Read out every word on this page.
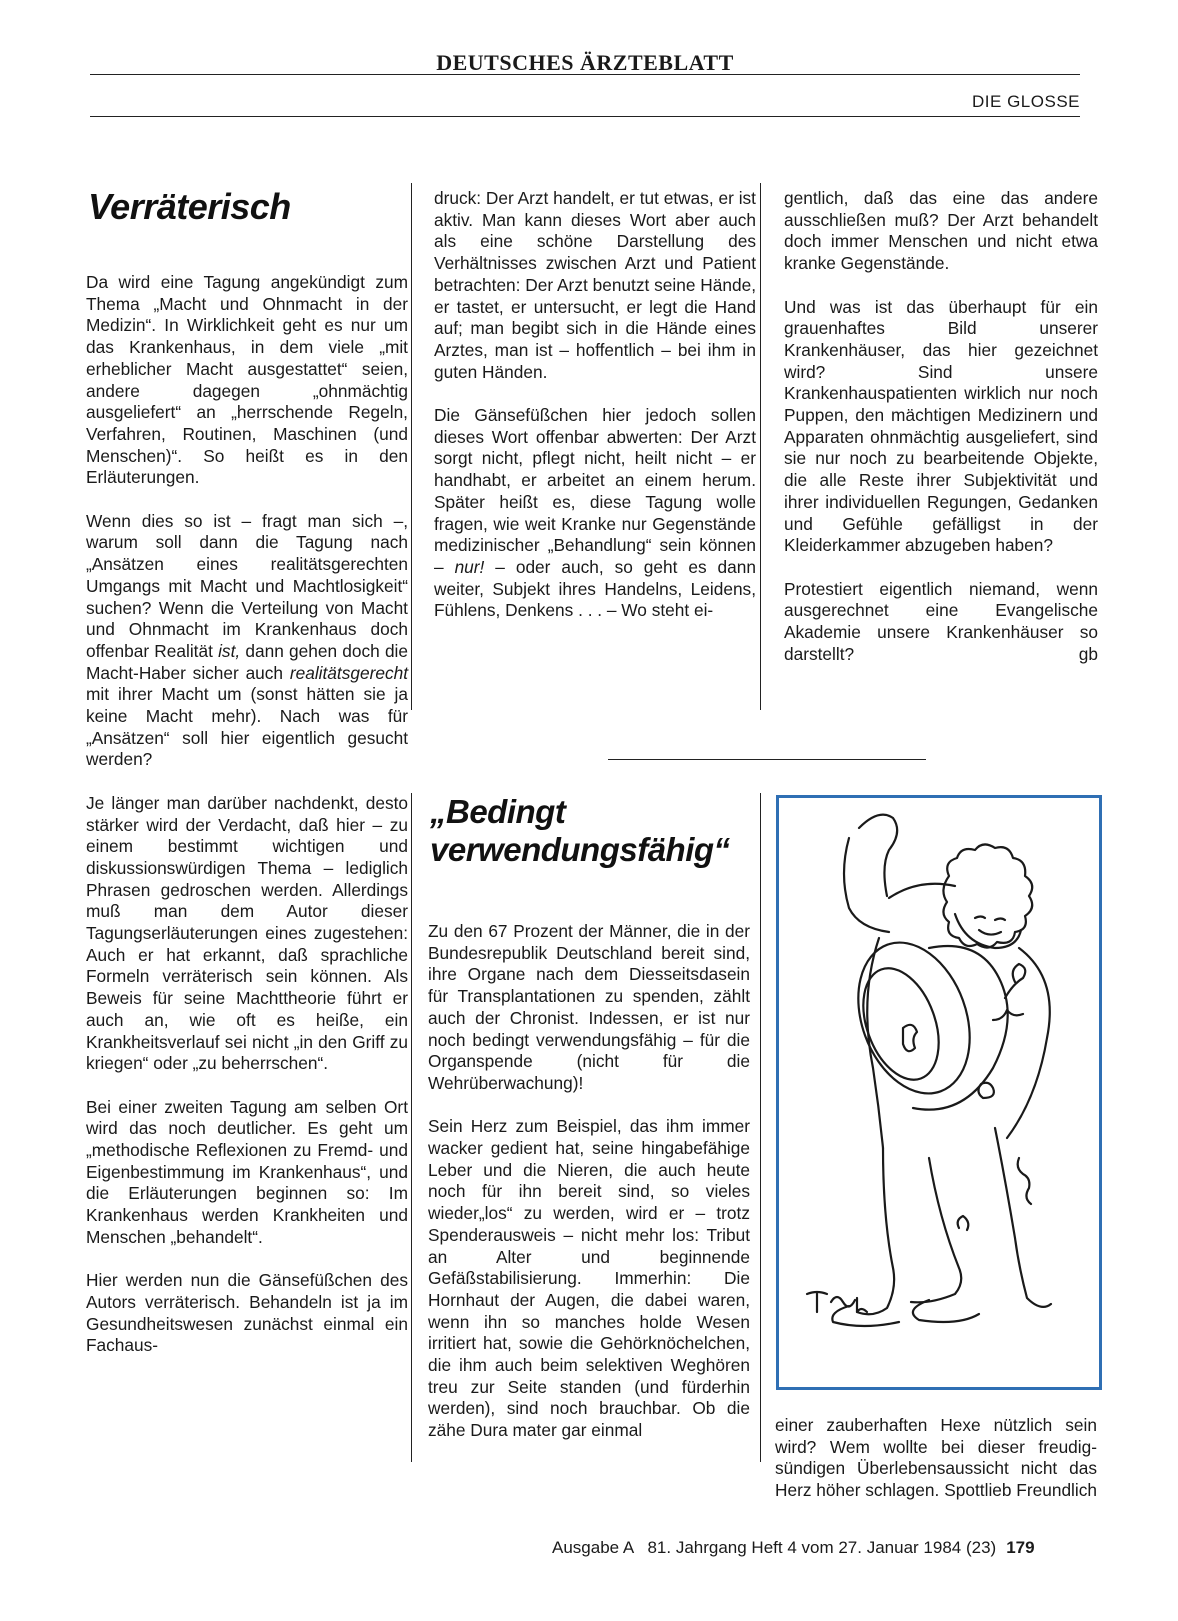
DEUTSCHES ÄRZTEBLATT
DIE GLOSSE
Verräterisch

Da wird eine Tagung angekündigt zum Thema „Macht und Ohnmacht in der Medizin“. In Wirklichkeit geht es nur um das Krankenhaus, in dem viele „mit erheblicher Macht ausgestattet“ seien, andere dagegen „ohnmächtig ausgeliefert“ an „herrschende Regeln, Verfahren, Routinen, Maschinen (und Menschen)“. So heißt es in den Erläuterungen.

Wenn dies so ist – fragt man sich –, warum soll dann die Tagung nach „Ansätzen eines realitätsgerechten Umgangs mit Macht und Machtlosigkeit“ suchen? Wenn die Verteilung von Macht und Ohnmacht im Krankenhaus doch offenbar Realität ist, dann gehen doch die Macht-Haber sicher auch realitätsgerecht mit ihrer Macht um (sonst hätten sie ja keine Macht mehr). Nach was für „Ansätzen“ soll hier eigentlich gesucht werden?

Je länger man darüber nachdenkt, desto stärker wird der Verdacht, daß hier – zu einem bestimmt wichtigen und diskussionswürdigen Thema – lediglich Phrasen gedroschen werden. Allerdings muß man dem Autor dieser Tagungserläuterungen eines zugestehen: Auch er hat erkannt, daß sprachliche Formeln verräterisch sein können. Als Beweis für seine Machttheorie führt er auch an, wie oft es heiße, ein Krankheitsverlauf sei nicht „in den Griff zu kriegen“ oder „zu beherrschen“.

Bei einer zweiten Tagung am selben Ort wird das noch deutlicher. Es geht um „methodische Reflexionen zu Fremd- und Eigenbestimmung im Krankenhaus“, und die Erläuterungen beginnen so: Im Krankenhaus werden Krankheiten und Menschen „behandelt“.

Hier werden nun die Gänsefüßchen des Autors verräterisch. Behandeln ist ja im Gesundheitswesen zunächst einmal ein Fachaus-

druck: Der Arzt handelt, er tut etwas, er ist aktiv. Man kann dieses Wort aber auch als eine schöne Darstellung des Verhältnisses zwischen Arzt und Patient betrachten: Der Arzt benutzt seine Hände, er tastet, er untersucht, er legt die Hand auf; man begibt sich in die Hände eines Arztes, man ist – hoffentlich – bei ihm in guten Händen.

Die Gänsefüßchen hier jedoch sollen dieses Wort offenbar abwerten: Der Arzt sorgt nicht, pflegt nicht, heilt nicht – er handhabt, er arbeitet an einem herum. Später heißt es, diese Tagung wolle fragen, wie weit Kranke nur Gegenstände medizinischer „Behandlung“ sein können – nur! – oder auch, so geht es dann weiter, Subjekt ihres Handelns, Leidens, Fühlens, Denkens . . . – Wo steht ei-

gentlich, daß das eine das andere ausschließen muß? Der Arzt behandelt doch immer Menschen und nicht etwa kranke Gegenstände.

Und was ist das überhaupt für ein grauenhaftes Bild unserer Krankenhäuser, das hier gezeichnet wird? Sind unsere Krankenhauspatienten wirklich nur noch Puppen, den mächtigen Medizinern und Apparaten ohnmächtig ausgeliefert, sind sie nur noch zu bearbeitende Objekte, die alle Reste ihrer Subjektivität und ihrer individuellen Regungen, Gedanken und Gefühle gefälligst in der Kleiderkammer abzugeben haben?

Protestiert eigentlich niemand, wenn ausgerechnet eine Evangelische Akademie unsere Krankenhäuser so darstellt?	gb

„Bedingt
verwendungsfähig“

Zu den 67 Prozent der Männer, die in der Bundesrepublik Deutschland bereit sind, ihre Organe nach dem Diesseitsdasein für Transplantationen zu spenden, zählt auch der Chronist. Indessen, er ist nur noch bedingt verwendungsfähig – für die Organspende (nicht für die Wehrüberwachung)!

Sein Herz zum Beispiel, das ihm immer wacker gedient hat, seine hingabefähige Leber und die Nieren, die auch heute noch für ihn bereit sind, so vieles wieder„los“ zu werden, wird er – trotz Spenderausweis – nicht mehr los: Tribut an Alter und beginnende Gefäßstabilisierung. Immerhin: Die Hornhaut der Augen, die dabei waren, wenn ihn so manches holde Wesen irritiert hat, sowie die Gehörknöchelchen, die ihm auch beim selektiven Weghören treu zur Seite standen (und fürderhin werden), sind noch brauchbar. Ob die zähe Dura mater gar einmal	einer zauberhaften Hexe nützlich sein wird? Wem wollte bei dieser freudig-sündigen Überlebensaussicht nicht das Herz höher schlagen. Spottlieb Freundlich

Ausgabe A   81. Jahrgang Heft 4 vom 27. Januar 1984 (23) 179
